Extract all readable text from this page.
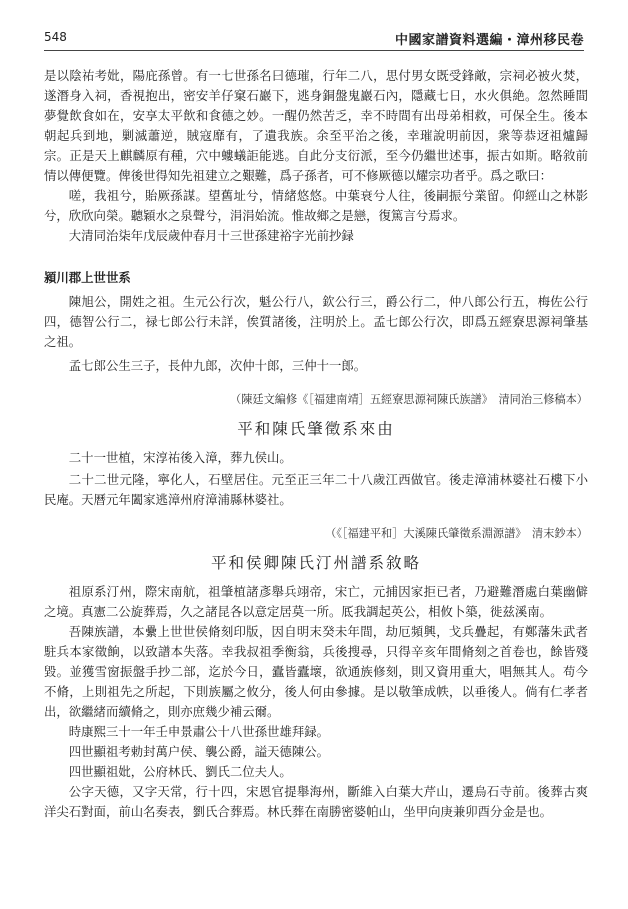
548	中國家譜資料選編・漳州移民卷

是以陰祐考妣，陽庇孫曾。有一七世孫名曰德璀，行年二八，思付男女既受鋒敵，宗祠必被火焚，遂潛身入祠，香視抱出，密安羊仔窠石巖下，逃身銅盤鬼巖石內，隱藏七日，水火俱絶。忽然睡間夢覺飲食如在，安享太平飲和食德之妙。一醒仍然苦乏，幸不時間有出母弟相救，可保全生。後本朝起兵到地，剿滅蕭逆，賊寇靡有，了遺我族。余至平治之後，幸璀說明前因，衆等恭迓祖爐歸宗。正是天上麒麟原有種，穴中螻蟻詎能逃。自此分支衍派，至今仍繼世述事，振古如斯。略敘前情以傳便覽。俾後世得知先祖建立之艱難，爲子孫者，可不修厥德以耀宗功者乎。爲之歌曰：

嗟，我祖兮，貽厥孫謀。望舊址兮，情緒悠悠。中葉衰兮人往，後嗣振兮業留。仰經山之林影兮，欣欣向榮。聽穎水之泉聲兮，涓涓始流。惟故鄉之是戀，復篤言兮焉求。

大清同治柒年戊辰歲仲春月十三世孫建裕字光前抄録

潁川郡上世世系

陳旭公，開姓之祖。生元公行次，魁公行八，欽公行三，爵公行二，仲八郎公行五，梅佐公行四，德智公行二，禄七郎公行未詳，俟質諸後，注明於上。孟七郎公行次，即爲五經寮思源祠肇基之祖。

孟七郎公生三子，長仲九郎，次仲十郎，三仲十一郎。

（陳廷文編修《［福建南靖］五經寮思源祠陳氏族譜》　清同治三修稿本）

平和陳氏肇徵系來由

二十一世植，宋淳祐後入漳，葬九侯山。

二十二世元隆，寧化人，石壁居住。元至正三年二十八歲江西做官。後走漳浦林婆社石樓下小民庵。天曆元年闔家逃漳州府漳浦縣林婆社。

（《［福建平和］大溪陳氏肇徵系淵源譜》　清末鈔本）

平和侯卿陳氏汀州譜系敘略

祖原系汀州，際宋南航，祖肇植諸彥舉兵翊帝，宋亡，元捕因家拒已者，乃避難潛處白葉幽僻之境。真憲二公旋葬焉，久之諸昆各以意定居莫一所。厎我調起英公，相攸卜築，徙兹溪南。

吾陳族譜，本纍上世世侯脩刻印版，因自明末癸未年間，劫厄頻興，戈兵疊起，有鄭藩朱武者駐兵本家徵餉，以致譜本失落。幸我叔祖季衡翁，兵後搜尋，只得辛亥年間脩刻之首卷也，餘皆殘毀。並獲雪窗振盤手抄二部，迄於今日，蠹皆蠹壞，欲通族修刻，則又資用重大，唱無其人。苟今不脩，上則祖先之所起，下則族屬之攸分，後人何由參據。是以敬筆成帙，以垂後人。倘有仁孝者出，欲繼緒而續脩之，則亦庶幾少補云爾。

時康熙三十一年壬申景肅公十八世孫世雄拜録。

四世顯祖考勅封萬户侯、襲公爵，謚天德陳公。

四世顯祖妣，公府林氏、劉氏二位夫人。

公字天德，又字天常，行十四，宋恩官提舉海州，斷維入白葉大芹山，遷烏石寺前。後葬古爽洋尖石對面，前山名奏表，劉氏合葬焉。林氏葬在南勝密婆帕山，坐甲向庚兼卯酉分金是也。
